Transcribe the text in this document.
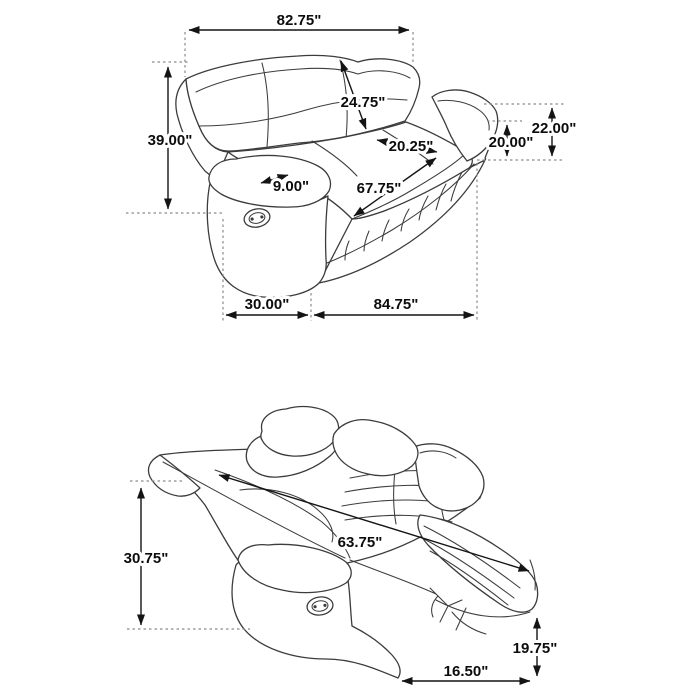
82.75"
39.00"
24.75"
20.25"
9.00"	67.75"
22.00"
20.00"
30.00"	84.75"
30.75"
63.75"
19.75"
16.50"
